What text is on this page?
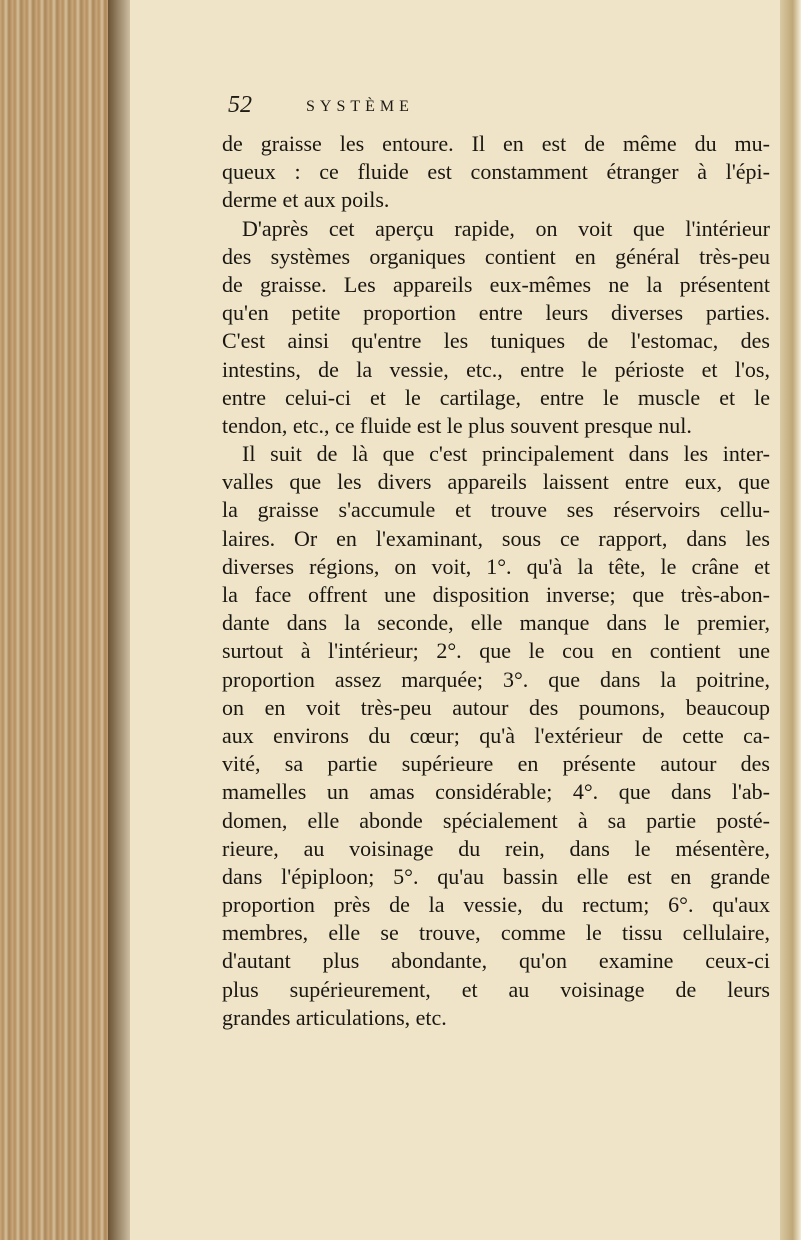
52	SYSTÈME
de graisse les entoure. Il en est de même du mu-
queux : ce fluide est constamment étranger à l'épi-
derme et aux poils.
D'après cet aperçu rapide, on voit que l'intérieur
des systèmes organiques contient en général très-peu
de graisse. Les appareils eux-mêmes ne la présentent
qu'en petite proportion entre leurs diverses parties.
C'est ainsi qu'entre les tuniques de l'estomac, des
intestins, de la vessie, etc., entre le périoste et l'os,
entre celui-ci et le cartilage, entre le muscle et le
tendon, etc., ce fluide est le plus souvent presque nul.
Il suit de là que c'est principalement dans les inter-
valles que les divers appareils laissent entre eux, que
la graisse s'accumule et trouve ses réservoirs cellu-
laires. Or en l'examinant, sous ce rapport, dans les
diverses régions, on voit, 1°. qu'à la tête, le crâne et
la face offrent une disposition inverse; que très-abon-
dante dans la seconde, elle manque dans le premier,
surtout à l'intérieur; 2°. que le cou en contient une
proportion assez marquée; 3°. que dans la poitrine,
on en voit très-peu autour des poumons, beaucoup
aux environs du cœur; qu'à l'extérieur de cette ca-
vité, sa partie supérieure en présente autour des
mamelles un amas considérable; 4°. que dans l'ab-
domen, elle abonde spécialement à sa partie posté-
rieure, au voisinage du rein, dans le mésentère,
dans l'épiploon; 5°. qu'au bassin elle est en grande
proportion près de la vessie, du rectum; 6°. qu'aux
membres, elle se trouve, comme le tissu cellulaire,
d'autant plus abondante, qu'on examine ceux-ci
plus supérieurement, et au voisinage de leurs
grandes articulations, etc.
